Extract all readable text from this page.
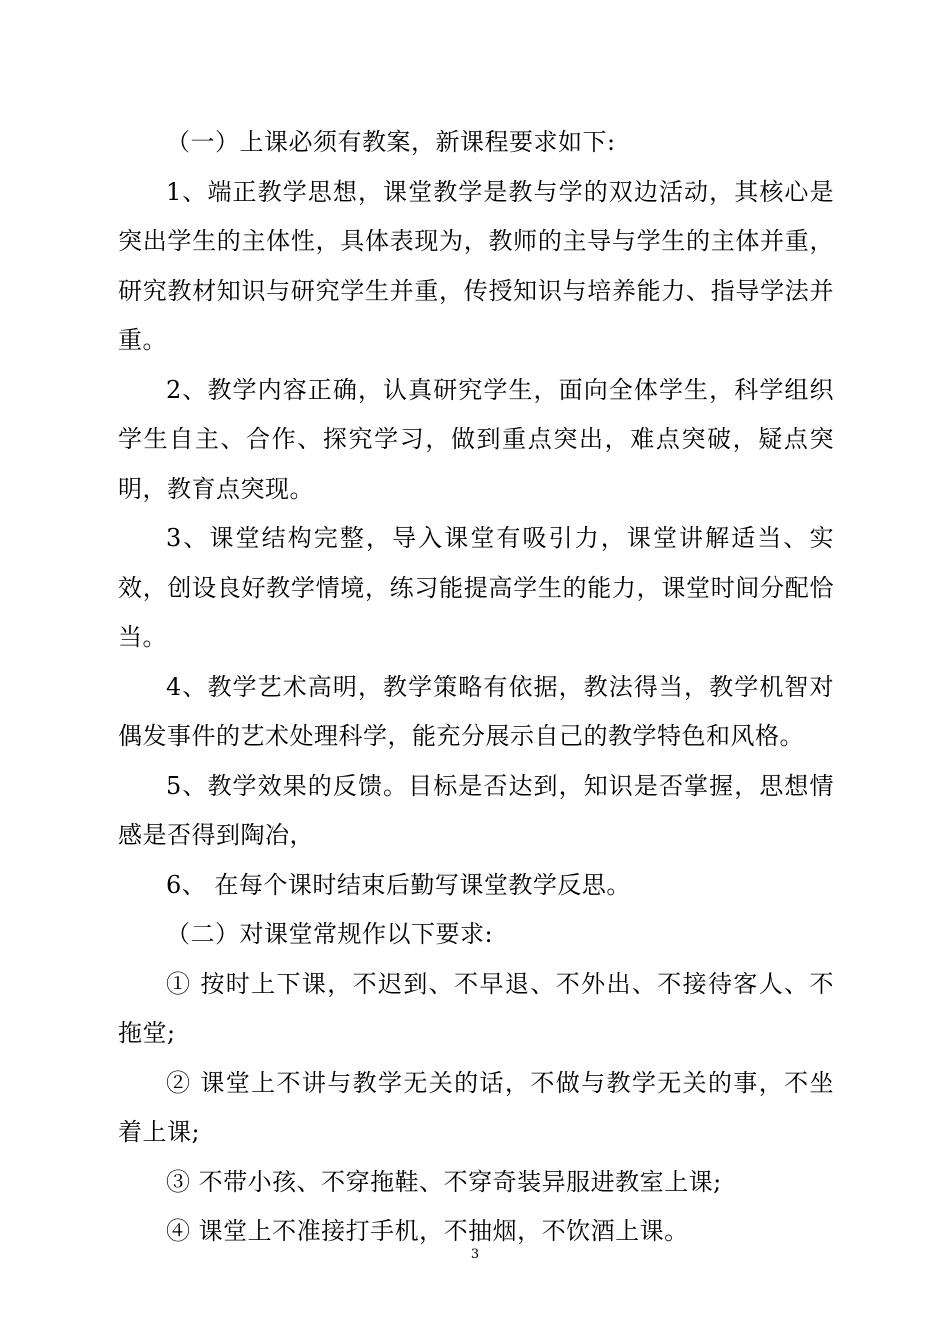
（一）上课必须有教案，新课程要求如下:

1、端正教学思想，课堂教学是教与学的双边活动，其核心是突出学生的主体性，具体表现为，教师的主导与学生的主体并重，研究教材知识与研究学生并重，传授知识与培养能力、指导学法并重。

2、教学内容正确，认真研究学生，面向全体学生，科学组织学生自主、合作、探究学习，做到重点突出，难点突破，疑点突明，教育点突现。

3、课堂结构完整，导入课堂有吸引力，课堂讲解适当、实效，创设良好教学情境，练习能提高学生的能力，课堂时间分配恰当。

4、教学艺术高明，教学策略有依据，教法得当，教学机智对偶发事件的艺术处理科学，能充分展示自己的教学特色和风格。

5、教学效果的反馈。目标是否达到，知识是否掌握，思想情感是否得到陶冶，

6、 在每个课时结束后勤写课堂教学反思。

（二）对课堂常规作以下要求:

① 按时上下课，不迟到、不早退、不外出、不接待客人、不拖堂;

② 课堂上不讲与教学无关的话，不做与教学无关的事，不坐着上课;

③ 不带小孩、不穿拖鞋、不穿奇装异服进教室上课;

④ 课堂上不准接打手机，不抽烟，不饮酒上课。

3
